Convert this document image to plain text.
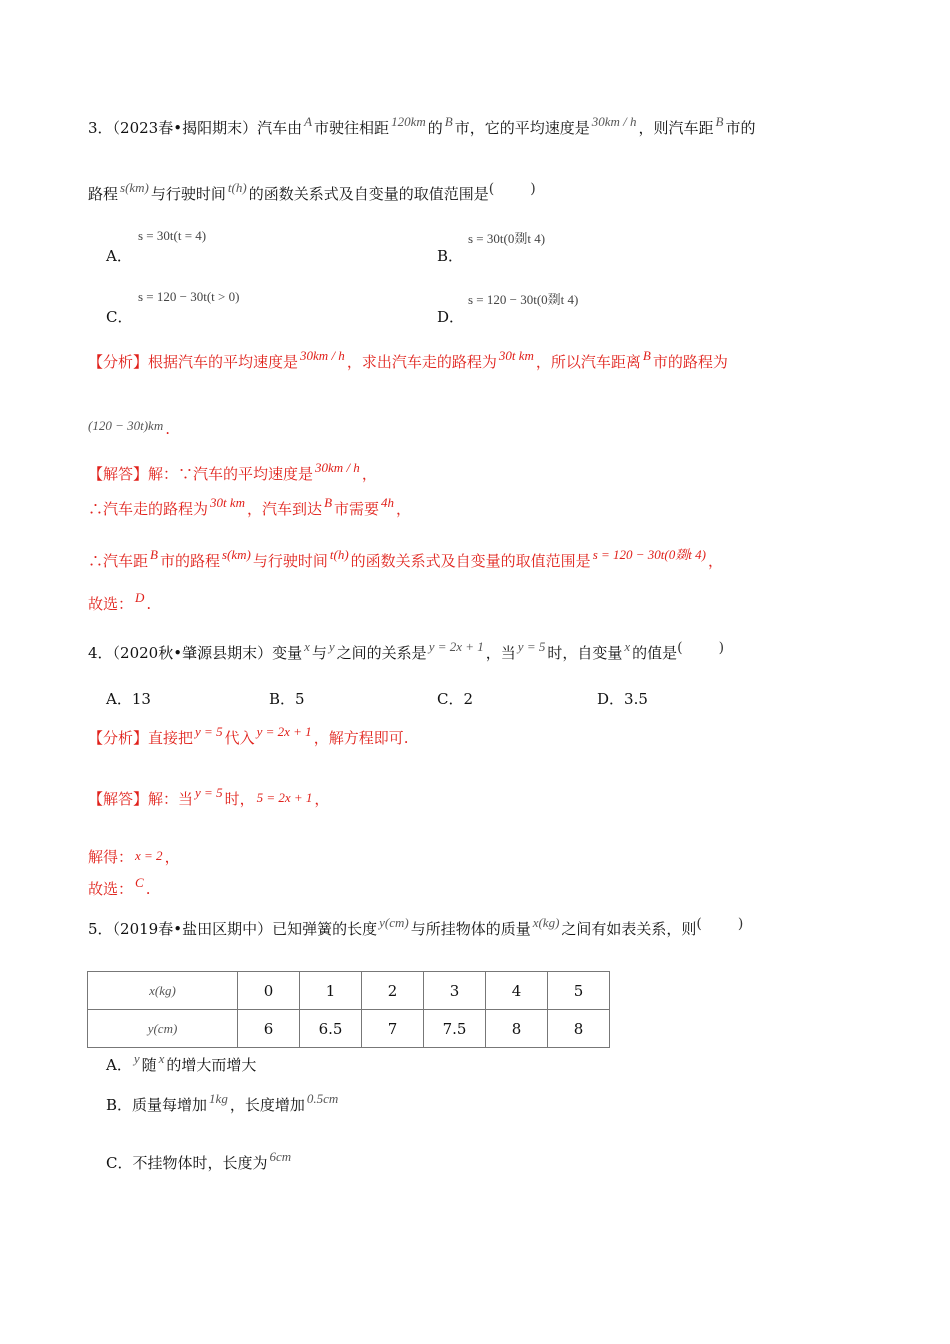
3．（2023春•揭阳期末）汽车由 A 市驶往相距 120km 的 B 市，它的平均速度是 30km / h ，则汽车距 B 市的
路程 s(km) 与行驶时间 t(h) 的函数关系式及自变量的取值范围是(	)
s = 30t(t = 4)
A．
s = 30t(0剟t 4)
B．
s = 120 − 30t(t > 0)
C．
s = 120 − 30t(0剟t 4)
D．
【分析】根据汽车的平均速度是 30km / h ，求出汽车走的路程为 30t km ，所以汽车距离 B 市的路程为
(120 − 30t)km .
【解答】解：∵汽车的平均速度是 30km / h ，
∴汽车走的路程为 30t km ，汽车到达 B 市需要 4h ，
∴汽车距 B 市的路程 s(km) 与行驶时间 t(h) 的函数关系式及自变量的取值范围是 s = 120 − 30t(0剟t 4) ，
故选： D .
4．（2020秋•肇源县期末）变量 x 与 y 之间的关系是 y = 2x + 1 ，当 y = 5 时，自变量 x 的值是(	)
A．13	B．5	C．2	D．3.5
【分析】直接把 y = 5 代入 y = 2x + 1 ，解方程即可.
【解答】解：当 y = 5 时， 5 = 2x + 1 ，
解得： x = 2 ，
故选： C .
5．（2019春•盐田区期中）已知弹簧的长度 y(cm) 与所挂物体的质量 x(kg) 之间有如表关系，则(	)
x(kg)	0	1	2	3	4	5
y(cm)	6	6.5	7	7.5	8	8
A． y 随 x 的增大而增大
B．质量每增加 1kg ，长度增加 0.5cm
C．不挂物体时，长度为 6cm
